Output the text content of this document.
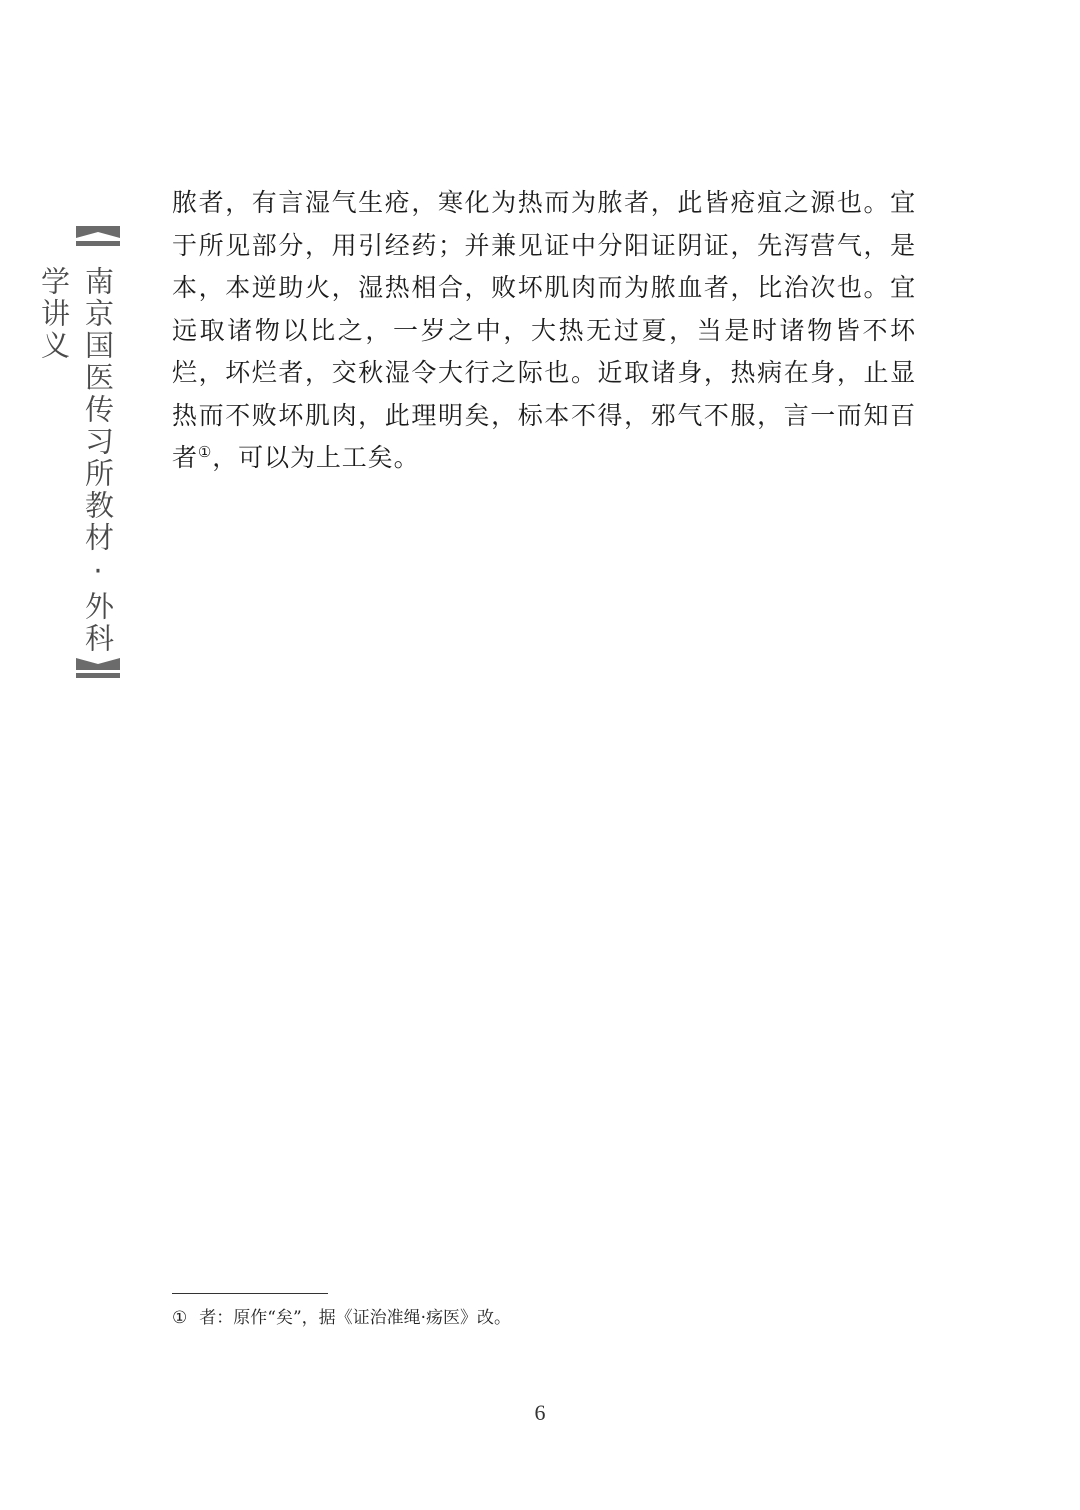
南京国医传习所教材·外科学讲义

脓者，有言湿气生疮，寒化为热而为脓者，此皆疮疽之源也。宜于所见部分，用引经药；并兼见证中分阳证阴证，先泻营气，是本，本逆助火，湿热相合，败坏肌肉而为脓血者，比治次也。宜远取诸物以比之，一岁之中，大热无过夏，当是时诸物皆不坏烂，坏烂者，交秋湿令大行之际也。近取诸身，热病在身，止显热而不败坏肌肉，此理明矣，标本不得，邪气不服，言一而知百者①，可以为上工矣。

① 者：原作“矣”，据《证治准绳·疡医》改。
6
